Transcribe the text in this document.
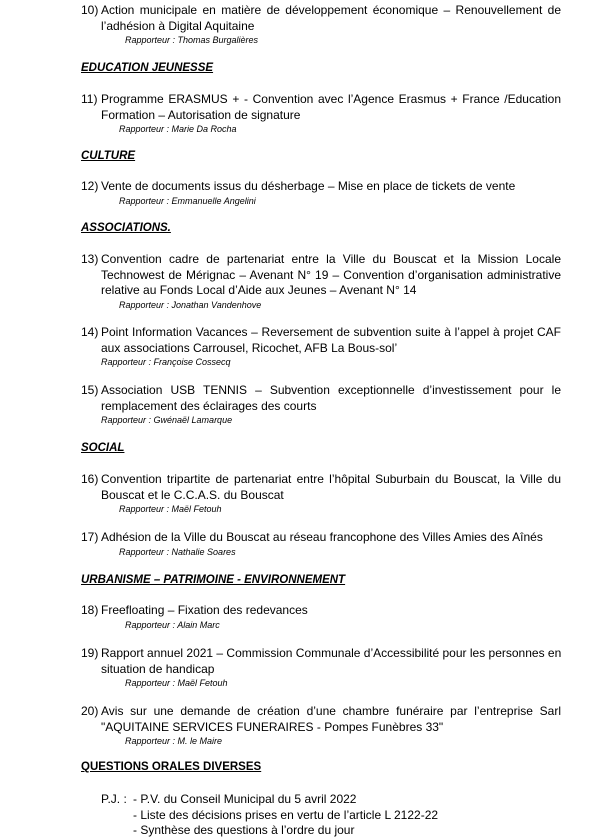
10) Action municipale en matière de développement économique – Renouvellement de
l’adhésion à Digital Aquitaine
Rapporteur : Thomas Burgalières
EDUCATION JEUNESSE
11) Programme ERASMUS + - Convention avec l’Agence Erasmus + France /Education
Formation – Autorisation de signature
Rapporteur : Marie Da Rocha
CULTURE
12) Vente de documents issus du désherbage – Mise en place de tickets de vente
Rapporteur : Emmanuelle Angelini
ASSOCIATIONS.
13) Convention cadre de partenariat entre la Ville du Bouscat et la Mission Locale
Technowest de Mérignac – Avenant N° 19 – Convention d’organisation administrative
relative au Fonds Local d’Aide aux Jeunes – Avenant N° 14
Rapporteur : Jonathan Vandenhove
14) Point Information Vacances – Reversement de subvention suite à l’appel à projet CAF
aux associations Carrousel, Ricochet, AFB La Bous-sol’
Rapporteur : Françoise Cossecq
15) Association USB TENNIS – Subvention exceptionnelle d’investissement pour le
remplacement des éclairages des courts
Rapporteur : Gwénaël Lamarque
SOCIAL
16) Convention tripartite de partenariat entre l’hôpital Suburbain du Bouscat, la Ville du
Bouscat et le C.C.A.S. du Bouscat
Rapporteur : Maël Fetouh
17) Adhésion de la Ville du Bouscat au réseau francophone des Villes Amies des Aînés
Rapporteur : Nathalie Soares
URBANISME – PATRIMOINE - ENVIRONNEMENT
18) Freefloating – Fixation des redevances
Rapporteur : Alain Marc
19) Rapport annuel 2021 – Commission Communale d’Accessibilité pour les personnes en
situation de handicap
Rapporteur : Maël Fetouh
20) Avis sur une demande de création d’une chambre funéraire par l’entreprise Sarl
"AQUITAINE SERVICES FUNERAIRES - Pompes Funèbres 33"
Rapporteur : M. le Maire
QUESTIONS ORALES DIVERSES
P.J. : - P.V. du Conseil Municipal du 5 avril 2022
- Liste des décisions prises en vertu de l’article L 2122-22
- Synthèse des questions à l’ordre du jour
